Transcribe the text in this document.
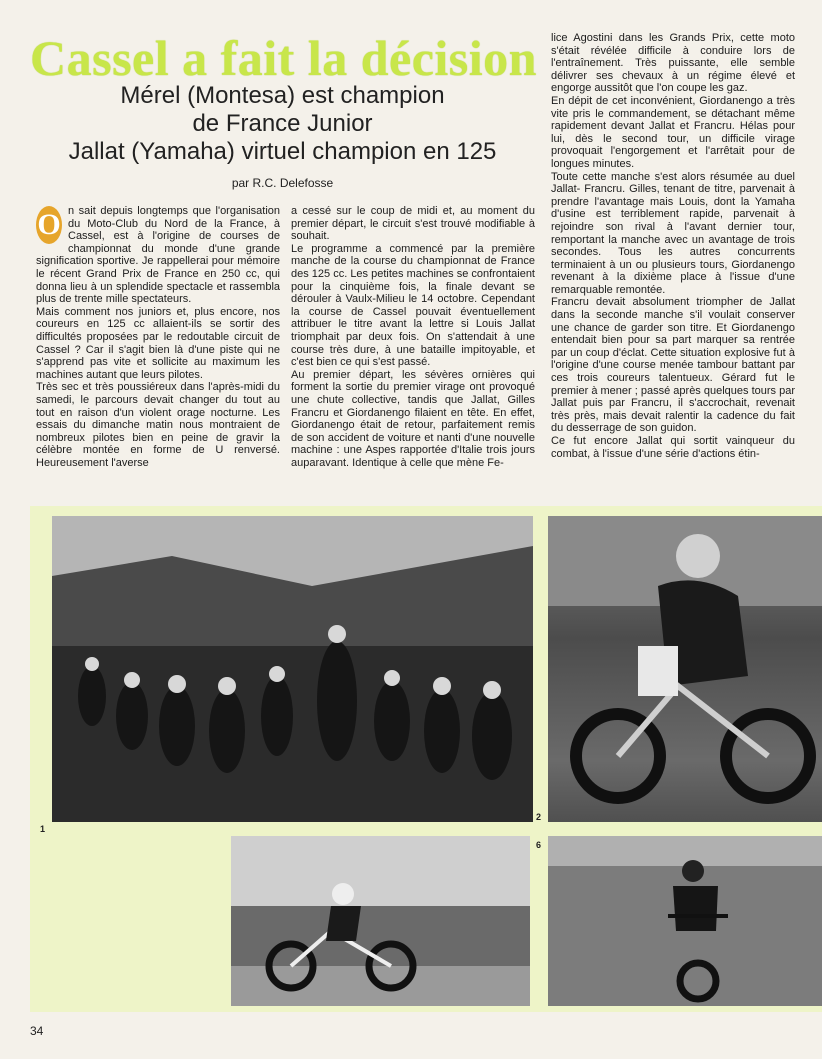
Cassel a fait la décision
Mérel (Montesa) est champion
de France Junior
Jallat (Yamaha) virtuel champion en 125
par R.C. Delefosse

O n sait depuis longtemps que l'organisation du Moto-Club du Nord de la France, à Cassel, est à l'origine de courses de championnat du monde d'une grande signification sportive. Je rappellerai pour mémoire le récent Grand Prix de France en 250 cc, qui donna lieu à un splendide spectacle et rassembla plus de trente mille spectateurs.

Mais comment nos juniors et, plus encore, nos coureurs en 125 cc allaient-ils se sortir des difficultés proposées par le redoutable circuit de Cassel ? Car il s'agit bien là d'une piste qui ne s'apprend pas vite et sollicite au maximum les machines autant que leurs pilotes.

Très sec et très poussiéreux dans l'après-midi du samedi, le parcours devait changer du tout au tout en raison d'un violent orage nocturne. Les essais du dimanche matin nous montraient de nombreux pilotes bien en peine de gravir la célèbre montée en forme de U renversé. Heureusement l'averse

a cessé sur le coup de midi et, au moment du premier départ, le circuit s'est trouvé modifiable à souhait.

Le programme a commencé par la première manche de la course du championnat de France des 125 cc. Les petites machines se confrontaient pour la cinquième fois, la finale devant se dérouler à Vaulx-Milieu le 14 octobre. Cependant la course de Cassel pouvait éventuellement attribuer le titre avant la lettre si Louis Jallat triomphait par deux fois. On s'attendait à une course très dure, à une bataille impitoyable, et c'est bien ce qui s'est passé.

Au premier départ, les sévères ornières qui forment la sortie du premier virage ont provoqué une chute collective, tandis que Jallat, Gilles Francru et Giordanengo filaient en tête. En effet, Giordanengo était de retour, parfaitement remis de son accident de voiture et nanti d'une nouvelle machine : une Aspes rapportée d'Italie trois jours auparavant. Identique à celle que mène Fe-

lice Agostini dans les Grands Prix, cette moto s'était révélée difficile à conduire lors de l'entraînement. Très puissante, elle semble délivrer ses chevaux à un régime élevé et engorge aussitôt que l'on coupe les gaz.

En dépit de cet inconvénient, Giordanengo a très vite pris le commandement, se détachant même rapidement devant Jallat et Francru. Hélas pour lui, dès le second tour, un difficile virage provoquait l'engorgement et l'arrêtait pour de longues minutes.

Toute cette manche s'est alors résumée au duel Jallat- Francru. Gilles, tenant de titre, parvenait à prendre l'avantage mais Louis, dont la Yamaha d'usine est terriblement rapide, parvenait à rejoindre son rival à l'avant dernier tour, remportant la manche avec un avantage de trois secondes. Tous les autres concurrents terminaient à un ou plusieurs tours, Giordanengo revenant à la dixième place à l'issue d'une remarquable remontée.

Francru devait absolument triompher de Jallat dans la seconde manche s'il voulait conserver une chance de garder son titre. Et Giordanengo entendait bien pour sa part marquer sa rentrée par un coup d'éclat. Cette situation explosive fut à l'origine d'une course menée tambour battant par ces trois coureurs talentueux. Gérard fut le premier à mener ; passé après quelques tours par Jallat puis par Francru, il s'accrochait, revenait très près, mais devait ralentir la cadence du fait du desserrage de son guidon.

Ce fut encore Jallat qui sortit vainqueur du combat, à l'issue d'une série d'actions étin-

1
2
6
34
